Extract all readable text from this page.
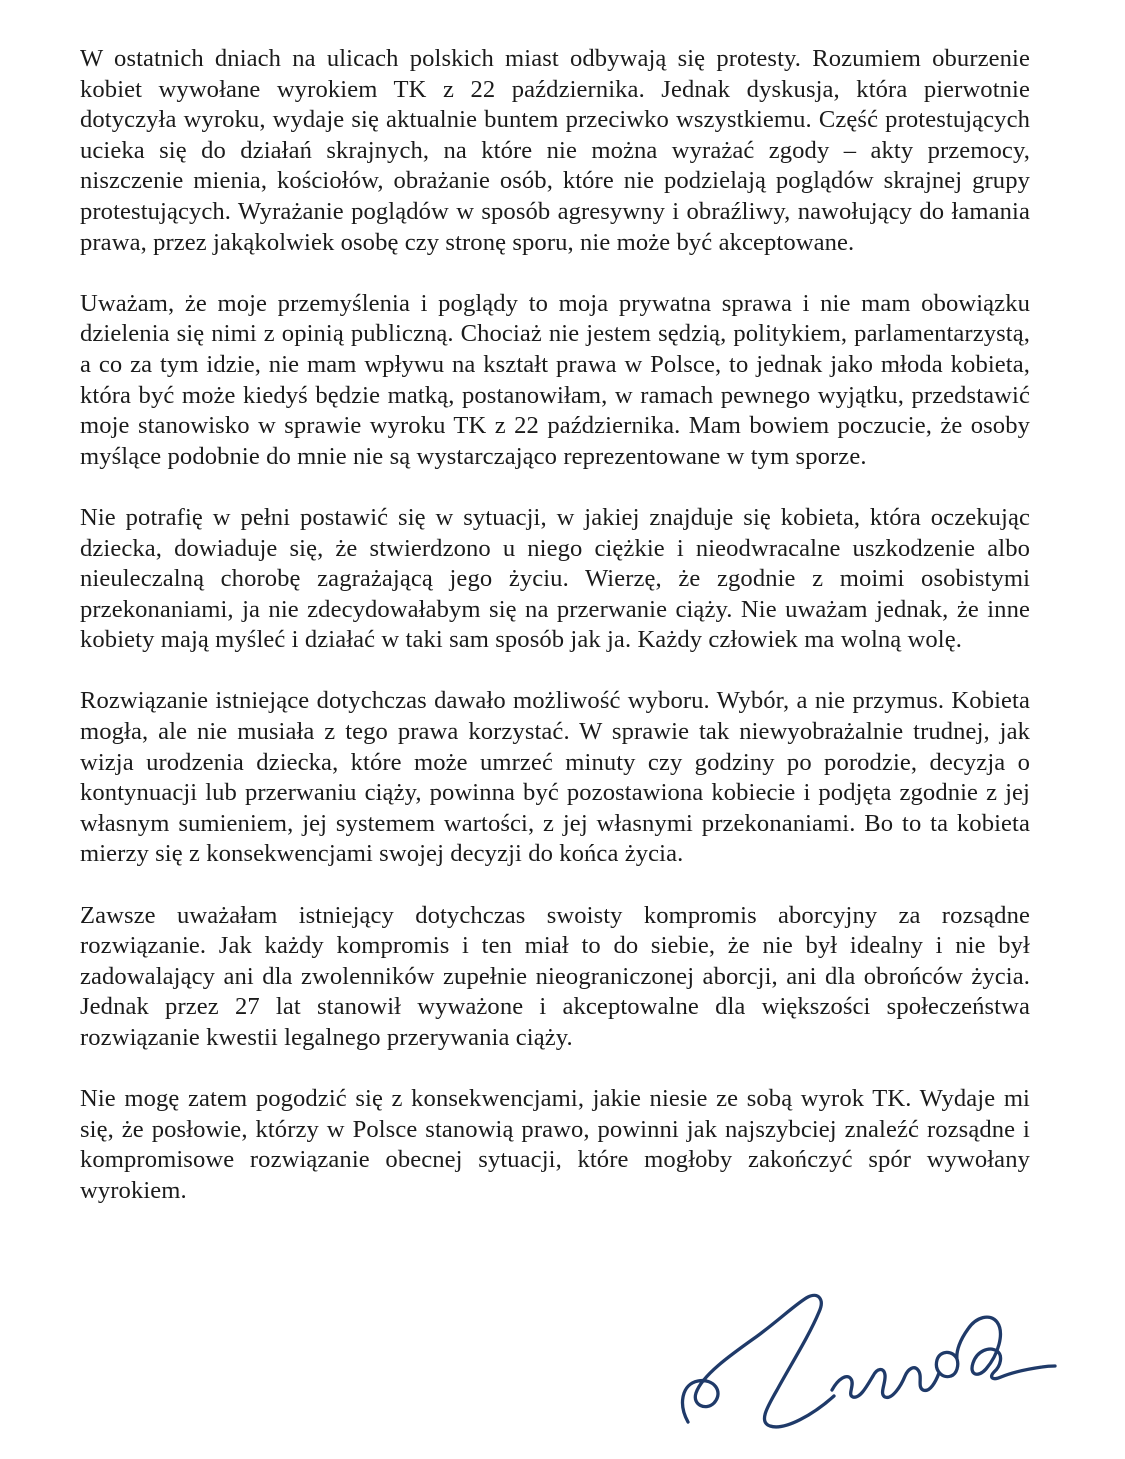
W ostatnich dniach na ulicach polskich miast odbywają się protesty. Rozumiem oburzenie kobiet wywołane wyrokiem TK z 22 października. Jednak dyskusja, która pierwotnie dotyczyła wyroku, wydaje się aktualnie buntem przeciwko wszystkiemu. Część protestujących ucieka się do działań skrajnych, na które nie można wyrażać zgody – akty przemocy, niszczenie mienia, kościołów, obrażanie osób, które nie podzielają poglądów skrajnej grupy protestujących. Wyrażanie poglądów w sposób agresywny i obraźliwy, nawołujący do łamania prawa, przez jakąkolwiek osobę czy stronę sporu, nie może być akceptowane.

Uważam, że moje przemyślenia i poglądy to moja prywatna sprawa i nie mam obowiązku dzielenia się nimi z opinią publiczną. Chociaż nie jestem sędzią, politykiem, parlamentarzystą, a co za tym idzie, nie mam wpływu na kształt prawa w Polsce, to jednak jako młoda kobieta, która być może kiedyś będzie matką, postanowiłam, w ramach pewnego wyjątku, przedstawić moje stanowisko w sprawie wyroku TK z 22 października. Mam bowiem poczucie, że osoby myślące podobnie do mnie nie są wystarczająco reprezentowane w tym sporze.

Nie potrafię w pełni postawić się w sytuacji, w jakiej znajduje się kobieta, która oczekując dziecka, dowiaduje się, że stwierdzono u niego ciężkie i nieodwracalne uszkodzenie albo nieuleczalną chorobę zagrażającą jego życiu. Wierzę, że zgodnie z moimi osobistymi przekonaniami, ja nie zdecydowałabym się na przerwanie ciąży. Nie uważam jednak, że inne kobiety mają myśleć i działać w taki sam sposób jak ja. Każdy człowiek ma wolną wolę.

Rozwiązanie istniejące dotychczas dawało możliwość wyboru. Wybór, a nie przymus. Kobieta mogła, ale nie musiała z tego prawa korzystać. W sprawie tak niewyobrażalnie trudnej, jak wizja urodzenia dziecka, które może umrzeć minuty czy godziny po porodzie, decyzja o kontynuacji lub przerwaniu ciąży, powinna być pozostawiona kobiecie i podjęta zgodnie z jej własnym sumieniem, jej systemem wartości, z jej własnymi przekonaniami. Bo to ta kobieta mierzy się z konsekwencjami swojej decyzji do końca życia.

Zawsze uważałam istniejący dotychczas swoisty kompromis aborcyjny za rozsądne rozwiązanie. Jak każdy kompromis i ten miał to do siebie, że nie był idealny i nie był zadowalający ani dla zwolenników zupełnie nieograniczonej aborcji, ani dla obrońców życia. Jednak przez 27 lat stanowił wyważone i akceptowalne dla większości społeczeństwa rozwiązanie kwestii legalnego przerywania ciąży.

Nie mogę zatem pogodzić się z konsekwencjami, jakie niesie ze sobą wyrok TK. Wydaje mi się, że posłowie, którzy w Polsce stanowią prawo, powinni jak najszybciej znaleźć rozsądne i kompromisowe rozwiązanie obecnej sytuacji, które mogłoby zakończyć spór wywołany wyrokiem.
